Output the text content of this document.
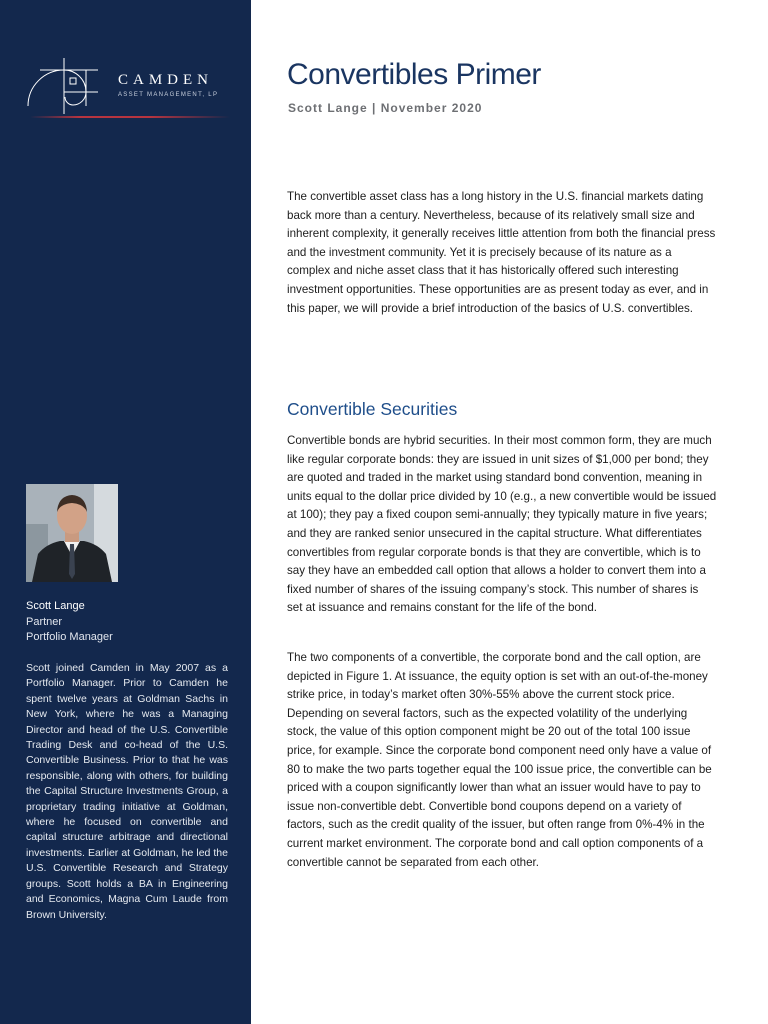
CAMDEN
ASSET MANAGEMENT, LP
Scott Lange
Partner
Portfolio Manager
Scott joined Camden in May 2007 as a Portfolio Manager. Prior to Camden he spent twelve years at Goldman Sachs in New York, where he was a Managing Director and head of the U.S. Convertible Trading Desk and co-head of the U.S. Convertible Business. Prior to that he was responsible, along with others, for building the Capital Structure Investments Group, a proprietary trading initiative at Goldman, where he focused on convertible and capital structure arbitrage and directional investments. Earlier at Goldman, he led the U.S. Convertible Research and Strategy groups. Scott holds a BA in Engineering and Economics, Magna Cum Laude from Brown University.
Convertibles Primer
Scott Lange | November 2020

The convertible asset class has a long history in the U.S. financial markets dating back more than a century. Nevertheless, because of its relatively small size and inherent complexity, it generally receives little attention from both the financial press and the investment community. Yet it is precisely because of its nature as a complex and niche asset class that it has historically offered such interesting investment opportunities. These opportunities are as present today as ever, and in this paper, we will provide a brief introduction of the basics of U.S. convertibles.

Convertible Securities

Convertible bonds are hybrid securities. In their most common form, they are much like regular corporate bonds: they are issued in unit sizes of $1,000 per bond; they are quoted and traded in the market using standard bond convention, meaning in units equal to the dollar price divided by 10 (e.g., a new convertible would be issued at 100); they pay a fixed coupon semi-annually; they typically mature in five years; and they are ranked senior unsecured in the capital structure. What differentiates convertibles from regular corporate bonds is that they are convertible, which is to say they have an embedded call option that allows a holder to convert them into a fixed number of shares of the issuing company’s stock. This number of shares is set at issuance and remains constant for the life of the bond.

The two components of a convertible, the corporate bond and the call option, are depicted in Figure 1. At issuance, the equity option is set with an out-of-the-money strike price, in today’s market often 30%-55% above the current stock price. Depending on several factors, such as the expected volatility of the underlying stock, the value of this option component might be 20 out of the total 100 issue price, for example. Since the corporate bond component need only have a value of 80 to make the two parts together equal the 100 issue price, the convertible can be priced with a coupon significantly lower than what an issuer would have to pay to issue non-convertible debt. Convertible bond coupons depend on a variety of factors, such as the credit quality of the issuer, but often range from 0%-4% in the current market environment. The corporate bond and call option components of a convertible cannot be separated from each other.
